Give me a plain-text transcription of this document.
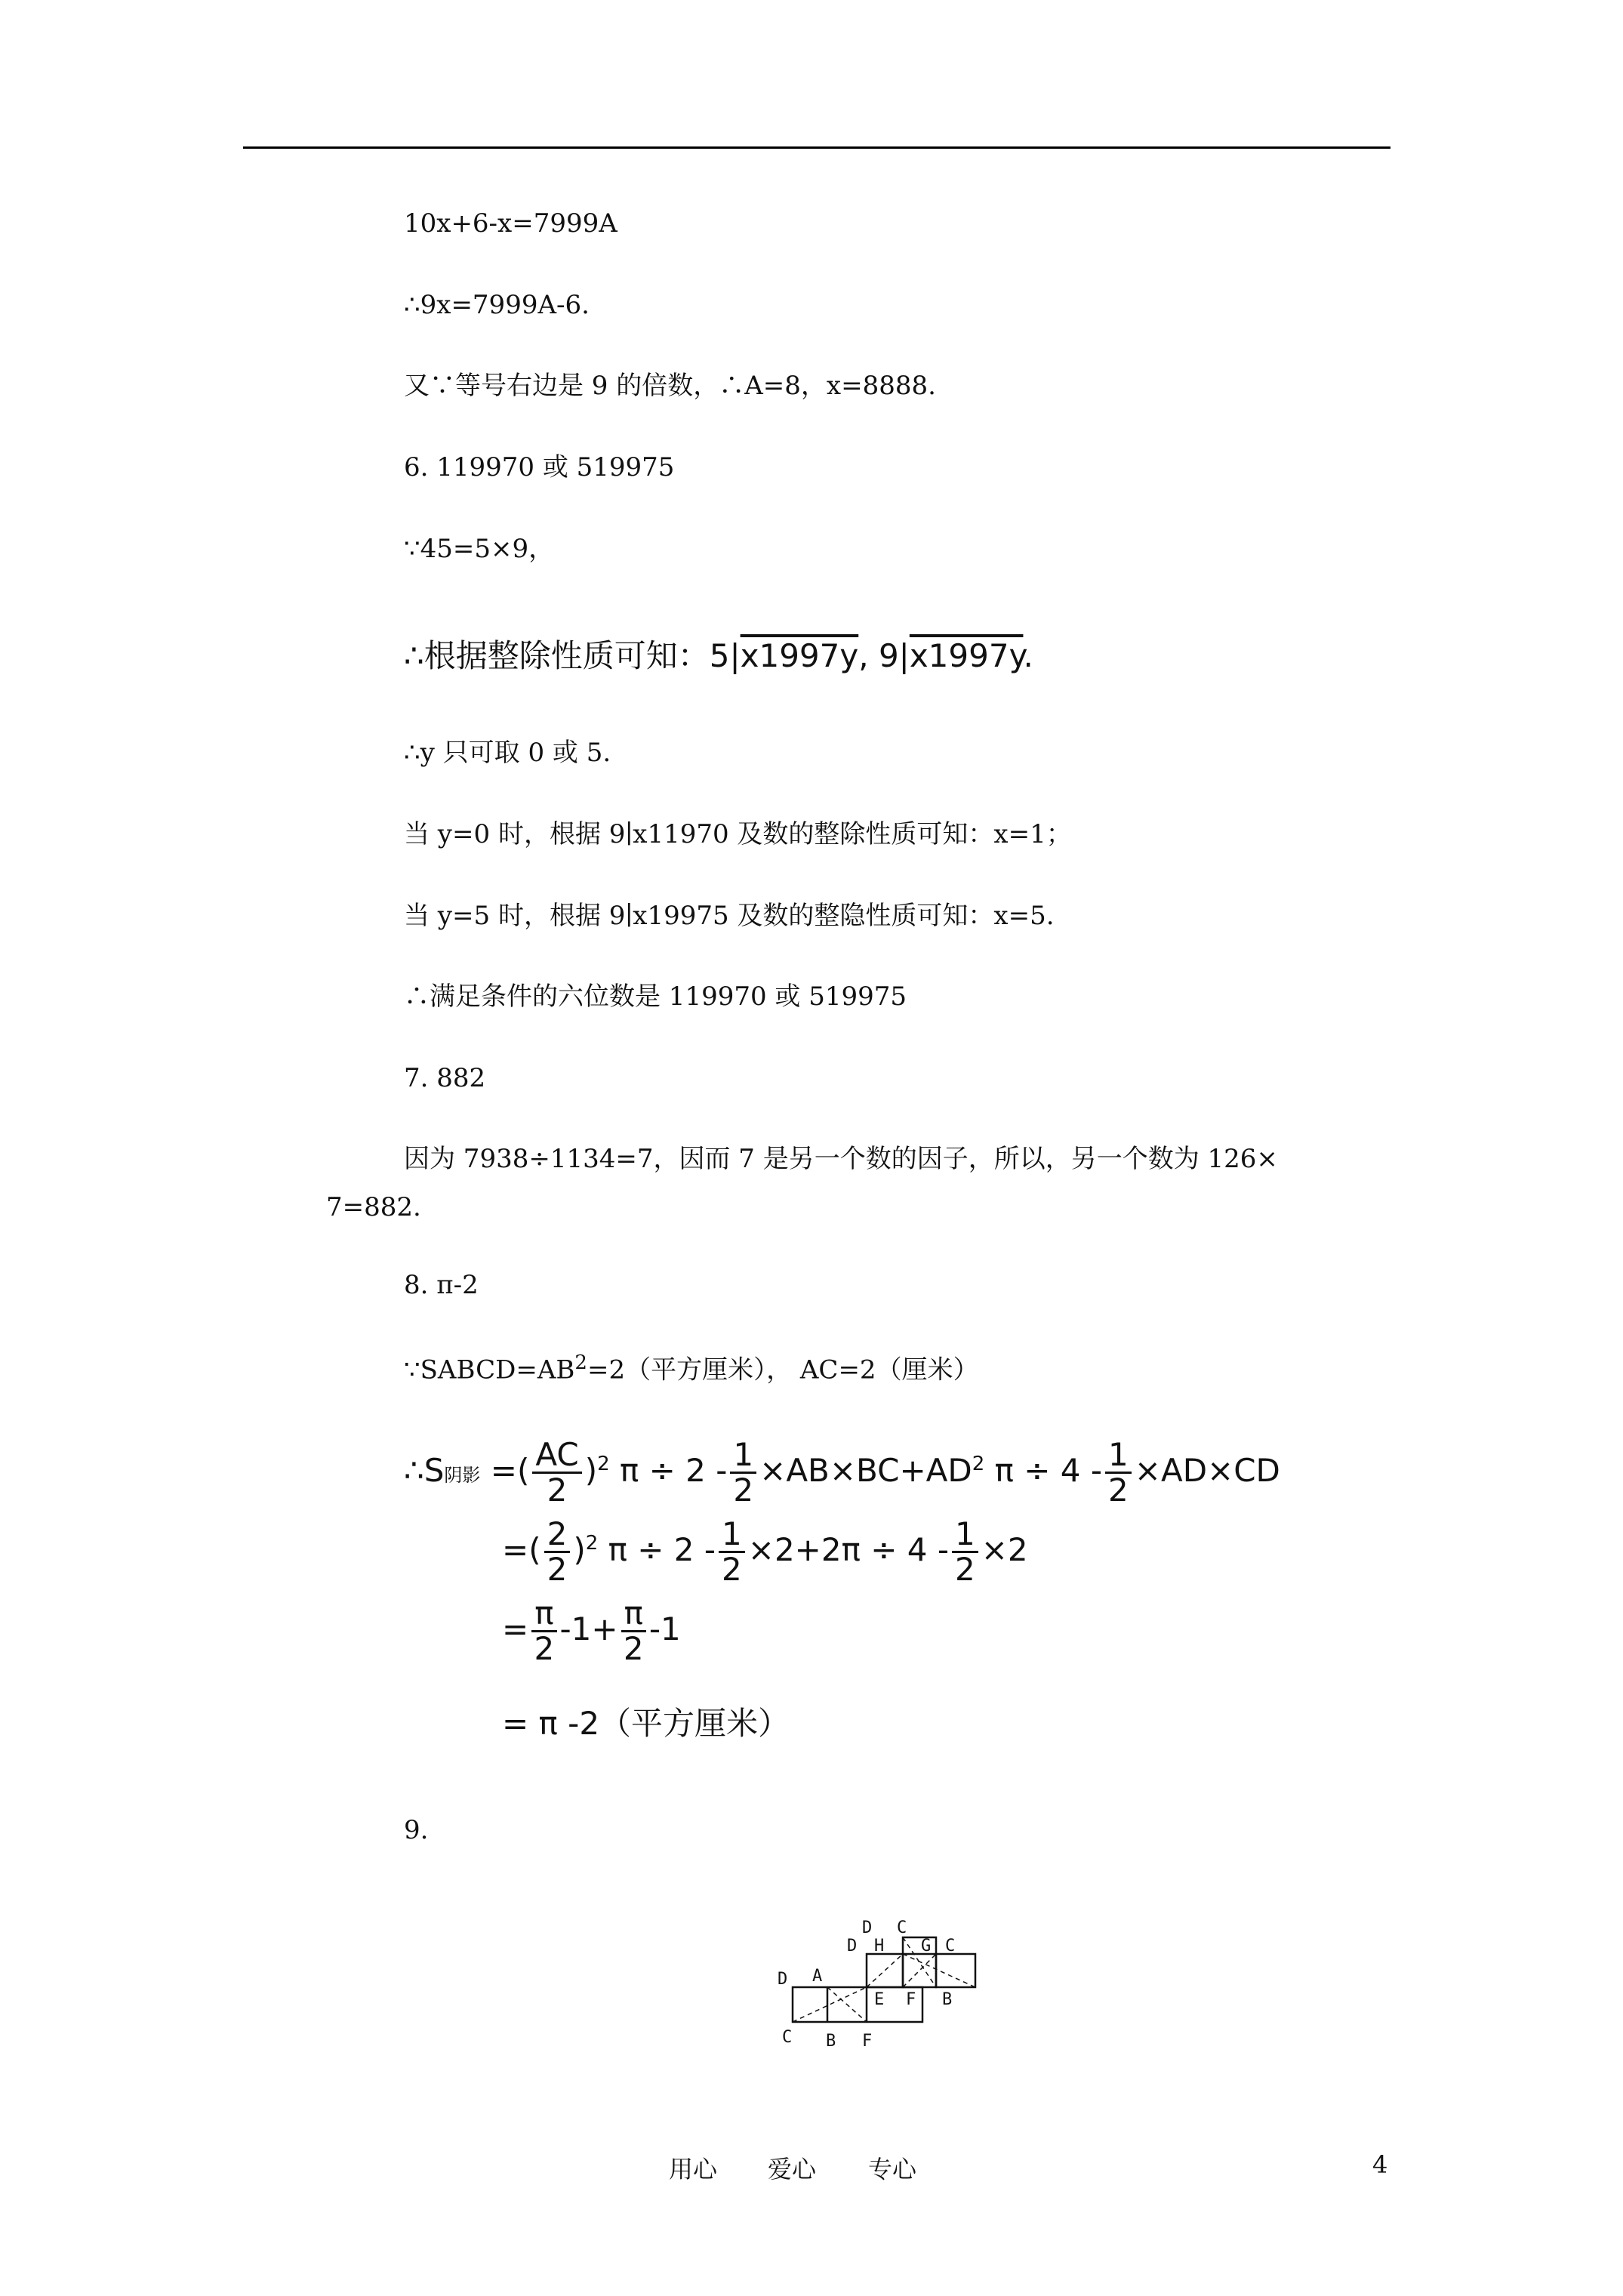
10x+6-x=7999A
∴9x=7999A-6.
又∵等号右边是 9 的倍数，∴A=8，x=8888.
6. 119970 或 519975
∵45=5×9，
∴根据整除性质可知：5|x1997y, 9|x1997y.
∴y 只可取 0 或 5.
当 y=0 时，根据 9∣x11970 及数的整除性质可知：x=1；
当 y=5 时，根据 9∣x19975 及数的整隐性质可知：x=5.
∴满足条件的六位数是 119970 或 519975
7. 882
因为 7938÷1134=7，因而 7 是另一个数的因子，所以，另一个数为 126×
7=882.
8. π-2
$\because SABCD=AB^2=2$（平方厘米）， AC=2（厘米）
∴S阴影 =( $\frac{AC}{2} )^2$ $\pi \div 2 - \frac{1}{2} \times AB\times BC+AD^2$ $\pi \div 4 - \frac{1}{2} \times AD\times CD$
=( $\frac{2}{2} )^2$ $\pi \div 2 - \frac{1}{2} \times 2+2\pi \div 4 - \frac{1}{2} \times 2$
= $\frac{\pi}{2} -1+ \frac{\pi}{2} -1$
= π -2（平方厘米）
9.
D C
D H G C
D A
E F B
C B F
用心 爱心 专心	4
